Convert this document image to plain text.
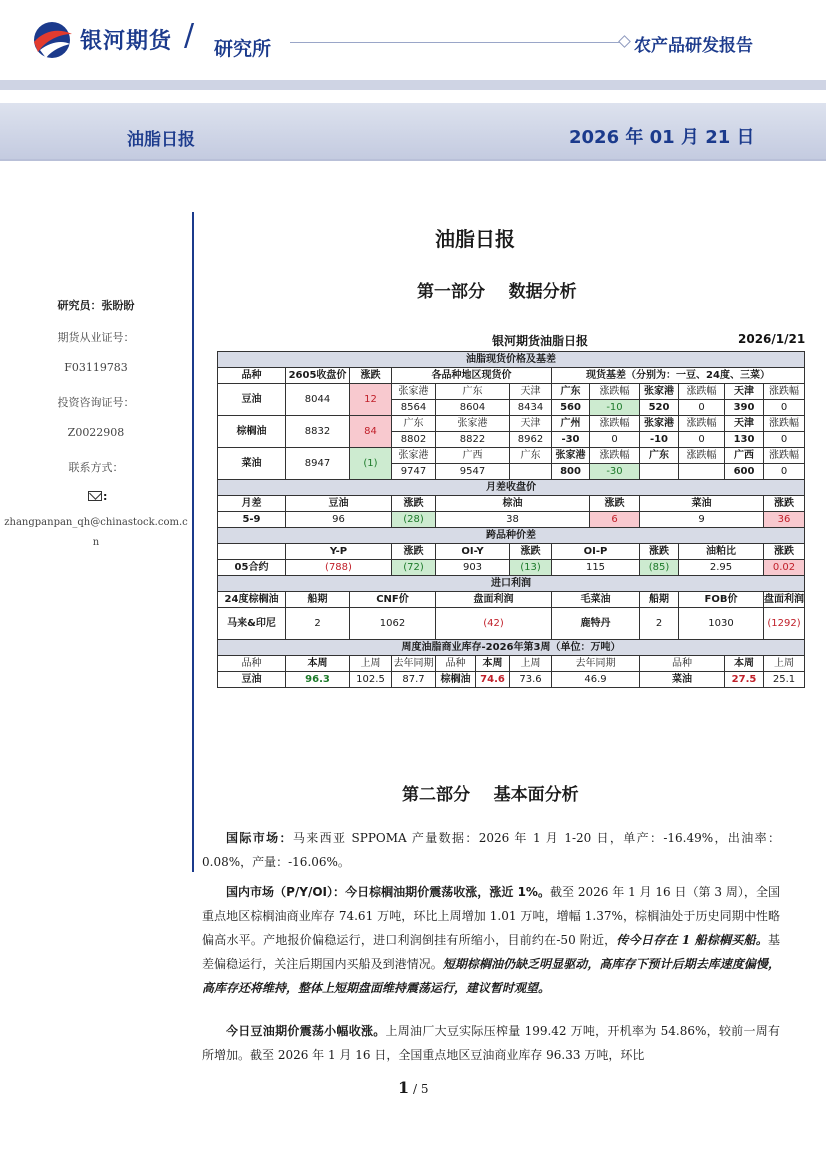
银河期货 / 研究所	农产品研发报告
油脂日报	2026 年 01 月 21 日
研究员：张盼盼
期货从业证号：
F03119783
投资咨询证号：
Z0022908
联系方式：
:
zhangpanpan_qh@chinastock.com.cn
油脂日报
第一部分    数据分析
银河期货油脂日报	2026/1/21
油脂现货价格及基差													
品种	2605收盘价	涨跌	各品种地区现货价				现货基差（分别为：一豆、24度、三菜）						
豆油	8044	12	张家港	广东		天津	广东	涨跌幅	张家港	涨跌幅	天津	涨跌幅	
			8564	8604		8434	560	-10	520	0	390	0	
棕榈油	8832	84	广东	张家港		天津	广州	涨跌幅	张家港	涨跌幅	天津	涨跌幅	
			8802	8822		8962	-30	0	-10	0	130	0	
菜油	8947	(1)	张家港	广西		广东	张家港	涨跌幅	广东	涨跌幅	广西	涨跌幅	
			9747	9547			800	-30			600	0	
月差收盘价													
月差	豆油		涨跌	棕油				涨跌	菜油			涨跌	
5-9	96		(28)	38				6	9			36	
跨品种价差													
	Y-P		涨跌	OI-Y		涨跌	OI-P		涨跌	油粕比		涨跌	
05合约	(788)		(72)	903		(13)	115		(85)	2.95		0.02	
进口利润													
24度棕榈油	船期	CNF价		盘面利润			毛菜油		船期	FOB价		盘面利润	
马来&印尼	2	1062		(42)			鹿特丹		2	1030		(1292)	
周度油脂商业库存-2026年第3周（单位：万吨）													
品种	本周	上周	去年同期	品种	本周	上周	去年同期		品种		本周	上周	
豆油	96.3	102.5	87.7	棕榈油	74.6	73.6	46.9		菜油		27.5	25.1	
第二部分    基本面分析
国际市场：马来西亚 SPPOMA 产量数据：2026 年 1 月 1-20 日，单产：-16.49%，出油率：0.08%，产量：-16.06%。
国内市场（P/Y/OI）：今日棕榈油期价震荡收涨，涨近 1%。截至 2026 年 1 月 16 日（第 3 周），全国重点地区棕榈油商业库存 74.61 万吨，环比上周增加 1.01 万吨，增幅 1.37%，棕榈油处于历史同期中性略偏高水平。产地报价偏稳运行，进口利润倒挂有所缩小，目前约在-50 附近，传今日存在 1 船棕榈买船。基差偏稳运行，关注后期国内买船及到港情况。短期棕榈油仍缺乏明显驱动，高库存下预计后期去库速度偏慢，高库存还将维持，整体上短期盘面维持震荡运行，建议暂时观望。
今日豆油期价震荡小幅收涨。上周油厂大豆实际压榨量 199.42 万吨，开机率为 54.86%，较前一周有所增加。截至 2026 年 1 月 16 日，全国重点地区豆油商业库存 96.33 万吨，环比
1 / 5
